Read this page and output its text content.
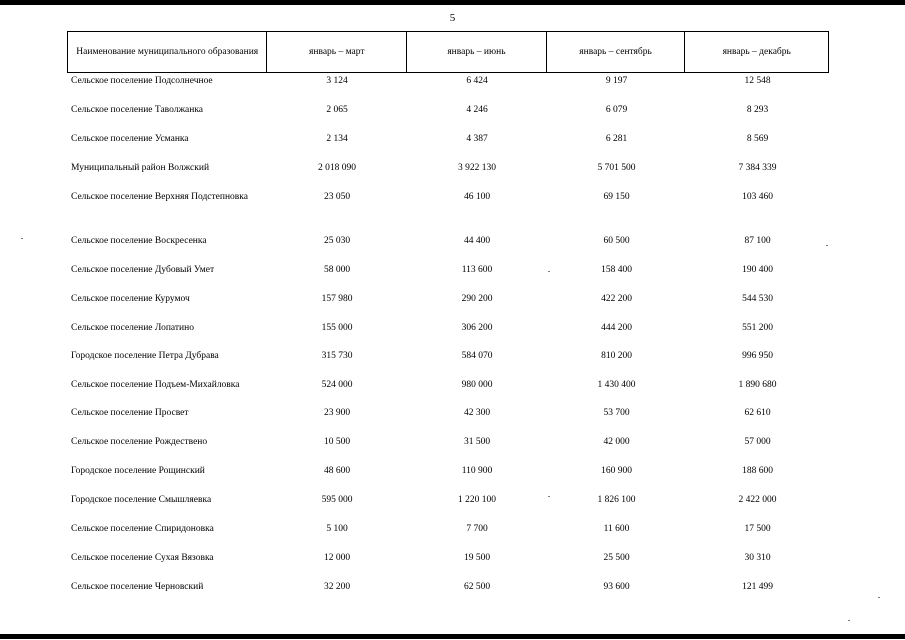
5
Наименование муниципального образования	январь – март	январь – июнь	январь – сентябрь	январь – декабрь
Сельское поселение Подсолнечное	3 124	6 424	9 197	12 548
Сельское поселение Таволжанка	2 065	4 246	6 079	8 293
Сельское поселение Усманка	2 134	4 387	6 281	8 569
Муниципальный район Волжский	2 018 090	3 922 130	5 701 500	7 384 339
Сельское поселение Верхняя Подстепновка	23 050	46 100	69 150	103 460
Сельское поселение Воскресенка	25 030	44 400	60 500	87 100
Сельское поселение Дубовый Умет	58 000	113 600	158 400	190 400
Сельское поселение Курумоч	157 980	290 200	422 200	544 530
Сельское поселение Лопатино	155 000	306 200	444 200	551 200
Городское поселение Петра Дубрава	315 730	584 070	810 200	996 950
Сельское поселение Подъем-Михайловка	524 000	980 000	1 430 400	1 890 680
Сельское поселение Просвет	23 900	42 300	53 700	62 610
Сельское поселение Рождествено	10 500	31 500	42 000	57 000
Городское поселение Рощинский	48 600	110 900	160 900	188 600
Городское поселение Смышляевка	595 000	1 220 100	1 826 100	2 422 000
Сельское поселение Спиридоновка	5 100	7 700	11 600	17 500
Сельское поселение Сухая Вязовка	12 000	19 500	25 500	30 310
Сельское поселение Черновский	32 200	62 500	93 600	121 499
